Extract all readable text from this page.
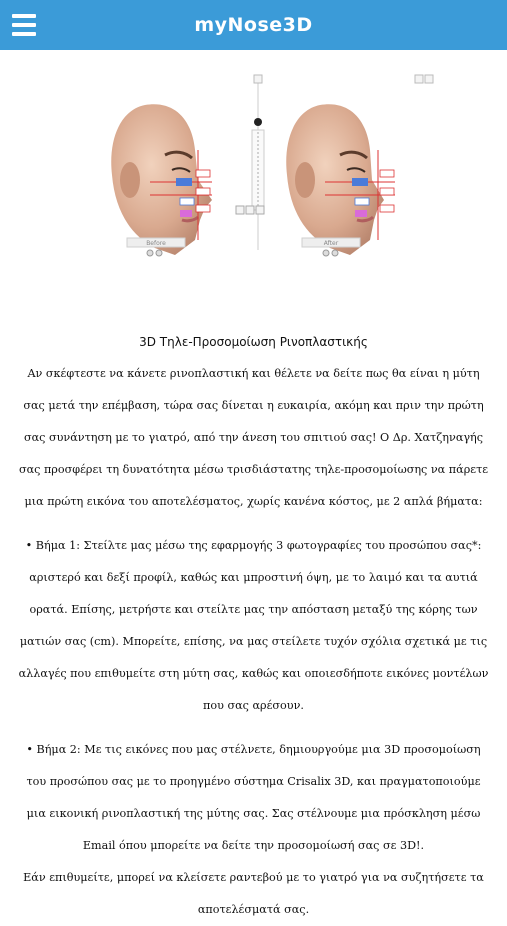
myNose3D
Before	After
3D Τηλε-Προσομοίωση Ρινοπλαστικής

Αν σκέφτεστε να κάνετε ρινοπλαστική και θέλετε να δείτε πως θα είναι η μύτη σας μετά την επέμβαση, τώρα σας δίνεται η ευκαιρία, ακόμη και πριν την πρώτη σας συνάντηση με το γιατρό, από την άνεση του σπιτιού σας! Ο Δρ. Χατζηναγής σας προσφέρει τη δυνατότητα μέσω τρισδιάστατης τηλε-προσομοίωσης να πάρετε μια πρώτη εικόνα του αποτελέσματος, χωρίς κανένα κόστος, με 2 απλά βήματα:

• Βήμα 1: Στείλτε μας μέσω της εφαρμογής 3 φωτογραφίες του προσώπου σας*: αριστερό και δεξί προφίλ, καθώς και μπροστινή όψη, με το λαιμό και τα αυτιά ορατά. Επίσης, μετρήστε και στείλτε μας την απόσταση μεταξύ της κόρης των ματιών σας (cm). Μπορείτε, επίσης, να μας στείλετε τυχόν σχόλια σχετικά με τις αλλαγές που επιθυμείτε στη μύτη σας, καθώς και οποιεσδήποτε εικόνες μοντέλων που σας αρέσουν.

• Βήμα 2: Με τις εικόνες που μας στέλνετε, δημιουργούμε μια 3D προσομοίωση του προσώπου σας με το προηγμένο σύστημα Crisalix 3D, και πραγματοποιούμε μια εικονική ρινοπλαστική της μύτης σας. Σας στέλνουμε μια πρόσκληση μέσω Email όπου μπορείτε να δείτε την προσομοίωσή σας σε 3D!.

Εάν επιθυμείτε, μπορεί να κλείσετε ραντεβού με το γιατρό για να συζητήσετε τα αποτελέσματά σας.
